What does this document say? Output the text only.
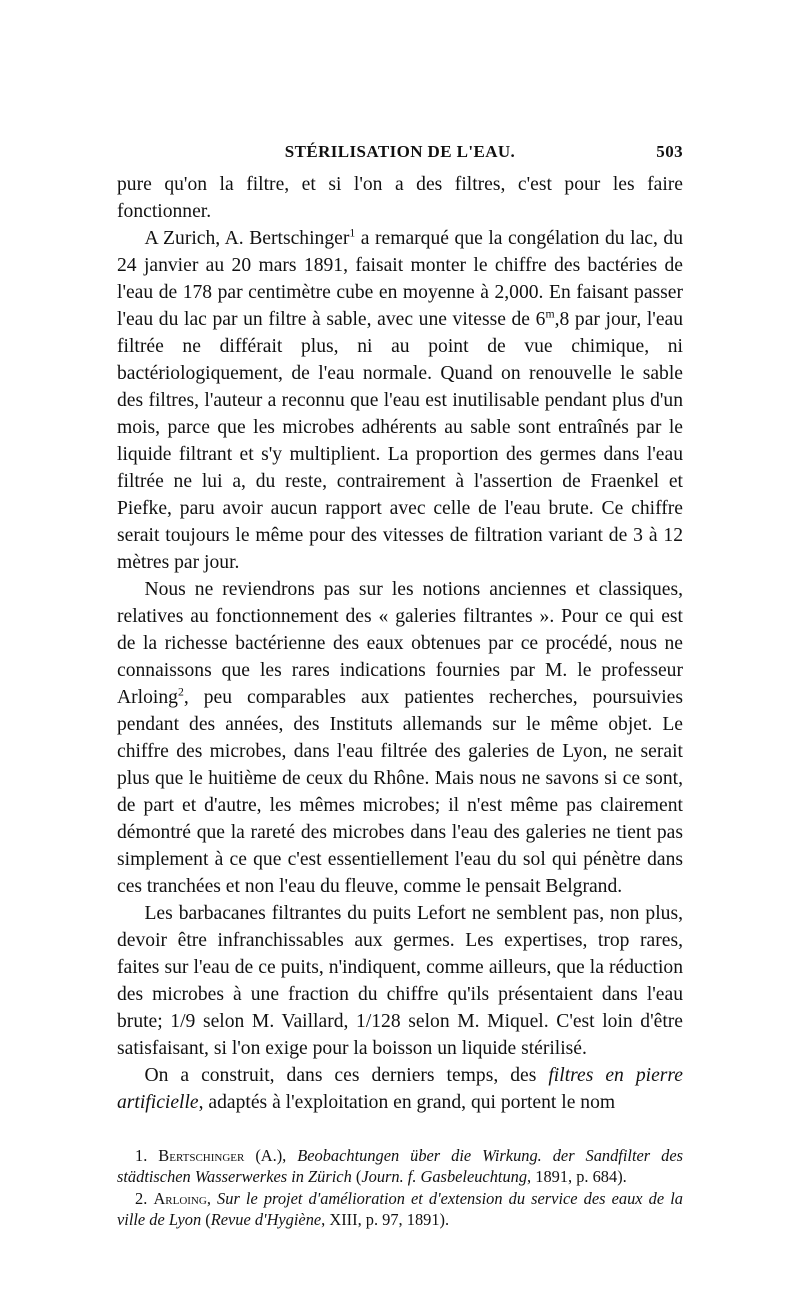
STÉRILISATION DE L'EAU.	503

pure qu'on la filtre, et si l'on a des filtres, c'est pour les faire fonctionner.

A Zurich, A. Bertschinger$^1$ a remarqué que la congélation du lac, du 24 janvier au 20 mars 1891, faisait monter le chiffre des bactéries de l'eau de 178 par centimètre cube en moyenne à 2,000. En faisant passer l'eau du lac par un filtre à sable, avec une vitesse de 6$^m$,8 par jour, l'eau filtrée ne différait plus, ni au point de vue chimique, ni bactériologiquement, de l'eau normale. Quand on renouvelle le sable des filtres, l'auteur a reconnu que l'eau est inutilisable pendant plus d'un mois, parce que les microbes adhérents au sable sont entraînés par le liquide filtrant et s'y multiplient. La proportion des germes dans l'eau filtrée ne lui a, du reste, contrairement à l'assertion de Fraenkel et Piefke, paru avoir aucun rapport avec celle de l'eau brute. Ce chiffre serait toujours le même pour des vitesses de filtration variant de 3 à 12 mètres par jour.

Nous ne reviendrons pas sur les notions anciennes et classiques, relatives au fonctionnement des « galeries filtrantes ». Pour ce qui est de la richesse bactérienne des eaux obtenues par ce procédé, nous ne connaissons que les rares indications fournies par M. le professeur Arloing$^2$, peu comparables aux patientes recherches, poursuivies pendant des années, des Instituts allemands sur le même objet. Le chiffre des microbes, dans l'eau filtrée des galeries de Lyon, ne serait plus que le huitième de ceux du Rhône. Mais nous ne savons si ce sont, de part et d'autre, les mêmes microbes; il n'est même pas clairement démontré que la rareté des microbes dans l'eau des galeries ne tient pas simplement à ce que c'est essentiellement l'eau du sol qui pénètre dans ces tranchées et non l'eau du fleuve, comme le pensait Belgrand.

Les barbacanes filtrantes du puits Lefort ne semblent pas, non plus, devoir être infranchissables aux germes. Les expertises, trop rares, faites sur l'eau de ce puits, n'indiquent, comme ailleurs, que la réduction des microbes à une fraction du chiffre qu'ils présentaient dans l'eau brute; 1/9 selon M. Vaillard, 1/128 selon M. Miquel. C'est loin d'être satisfaisant, si l'on exige pour la boisson un liquide stérilisé.

On a construit, dans ces derniers temps, des filtres en pierre artificielle, adaptés à l'exploitation en grand, qui portent le nom

1. Bertschinger (A.), Beobachtungen über die Wirkung. der Sandfilter des städtischen Wasserwerkes in Zürich (Journ. f. Gasbeleuchtung, 1891, p. 684).

2. Arloing, Sur le projet d'amélioration et d'extension du service des eaux de la ville de Lyon (Revue d'Hygiène, XIII, p. 97, 1891).
